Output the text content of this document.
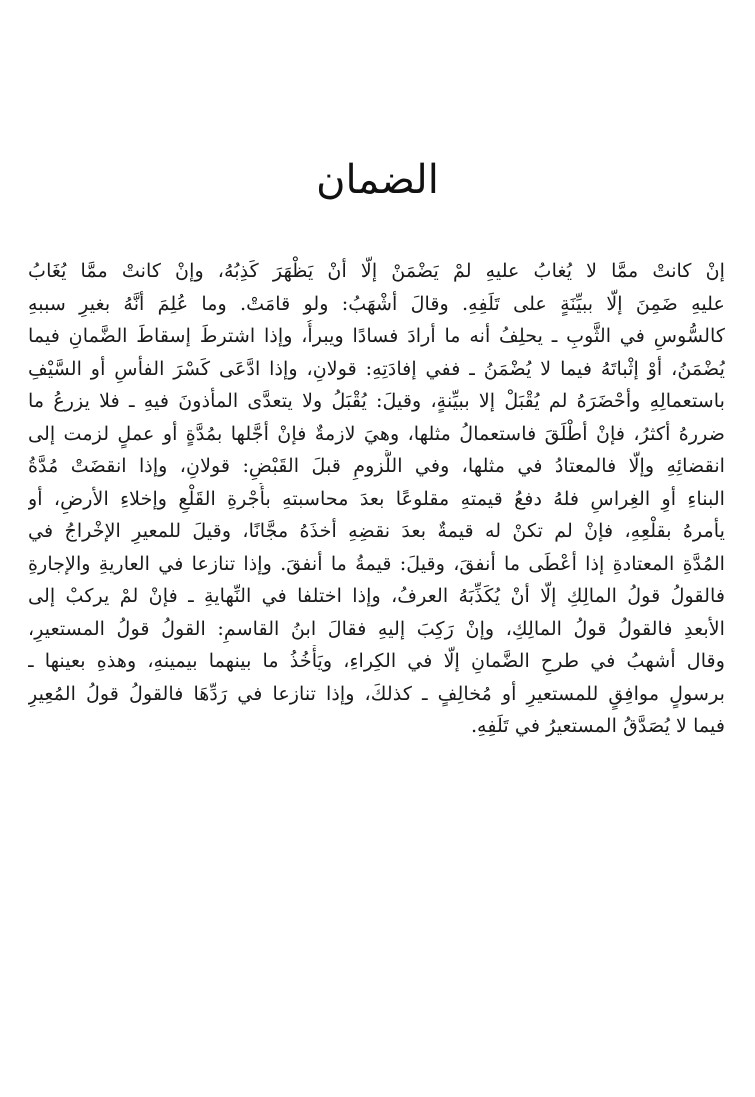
الضمان
إنْ كانتْ ممَّا لا يُغابُ عليهِ لمْ يَضْمَنْ إلّا أنْ يَظْهَرَ كَذِبُهُ، وإنْ كانتْ ممَّا يُغَابُ
عليهِ ضَمِنَ إلّا ببيِّنَةٍ على تَلَفِهِ. وقالَ أشْهَبُ: ولو قامَتْ. وما عُلِمَ أنَّهُ بغيرِ سببهِ
كالسُّوسِ في الثَّوبِ ـ يحلِفُ أنه ما أرادَ فسادًا ويبرأُ، وإذا اشترطَ إسقاطَ الضَّمانِ فيما
يُضْمَنُ، أوْ إثْباتَهُ فيما لا يُضْمَنُ ـ ففي إفادَتِهِ: قولانِ، وإذا ادَّعَى كَسْرَ الفأسِ أو السَّيْفِ
باستعمالِهِ وأحْضَرَهُ لم يُقْبَلْ إلا ببيِّنةٍ، وقيلَ: يُقْبَلُ ولا يتعدَّى المأذونَ فيهِ ـ فلا يزرعُ ما
ضررهُ أكثرُ، فإنْ أطْلَقَ فاستعمالُ مثلها، وهيَ لازمةٌ فإنْ أجَّلها بمُدَّةٍ أو عملٍ لزمت إلى
انقضائِهِ وإلّا فالمعتادُ في مثلها، وفي اللُّزومِ قبلَ القَبْضِ: قولانِ، وإذا انقضَتْ مُدَّةُ
البناءِ أوِ الغِراسِ فلهُ دفعُ قيمتهِ مقلوعًا بعدَ محاسبتهِ بأُجْرةِ القَلْعِ وإخلاءِ الأرضِ، أو
يأمرهُ بقلْعِهِ، فإنْ لم تكنْ له قيمةٌ بعدَ نقضِهِ أخذَهُ مجَّانًا، وقيلَ للمعيرِ الإخْراجُ في
المُدَّةِ المعتادةِ إذا أعْطَى ما أنفقَ، وقيلَ: قيمةُ ما أنفقَ. وإذا تنازعا في العاريةِ والإجارةِ
فالقولُ قولُ المالِكِ إلّا أنْ يُكَذِّبَهُ العرفُ، وإذا اختلفا في النِّهايةِ ـ فإنْ لمْ يركبْ إلى
الأبعدِ فالقولُ قولُ المالِكِ، وإنْ رَكِبَ إليهِ فقالَ ابنُ القاسمِ: القولُ قولُ المستعيرِ،
وقال أشهبُ في طرحِ الضَّمانِ إلّا في الكِراءِ، ويَأْخُذُ ما بينهما بيمينهِ، وهذهِ بعينها ـ
برسولٍ موافِقٍ للمستعيرِ أو مُخالِفٍ ـ كذلكَ، وإذا تنازعا في رَدِّهَا فالقولُ قولُ المُعِيرِ
فيما لا يُصَدَّقُ المستعيرُ في تَلَفِهِ.
